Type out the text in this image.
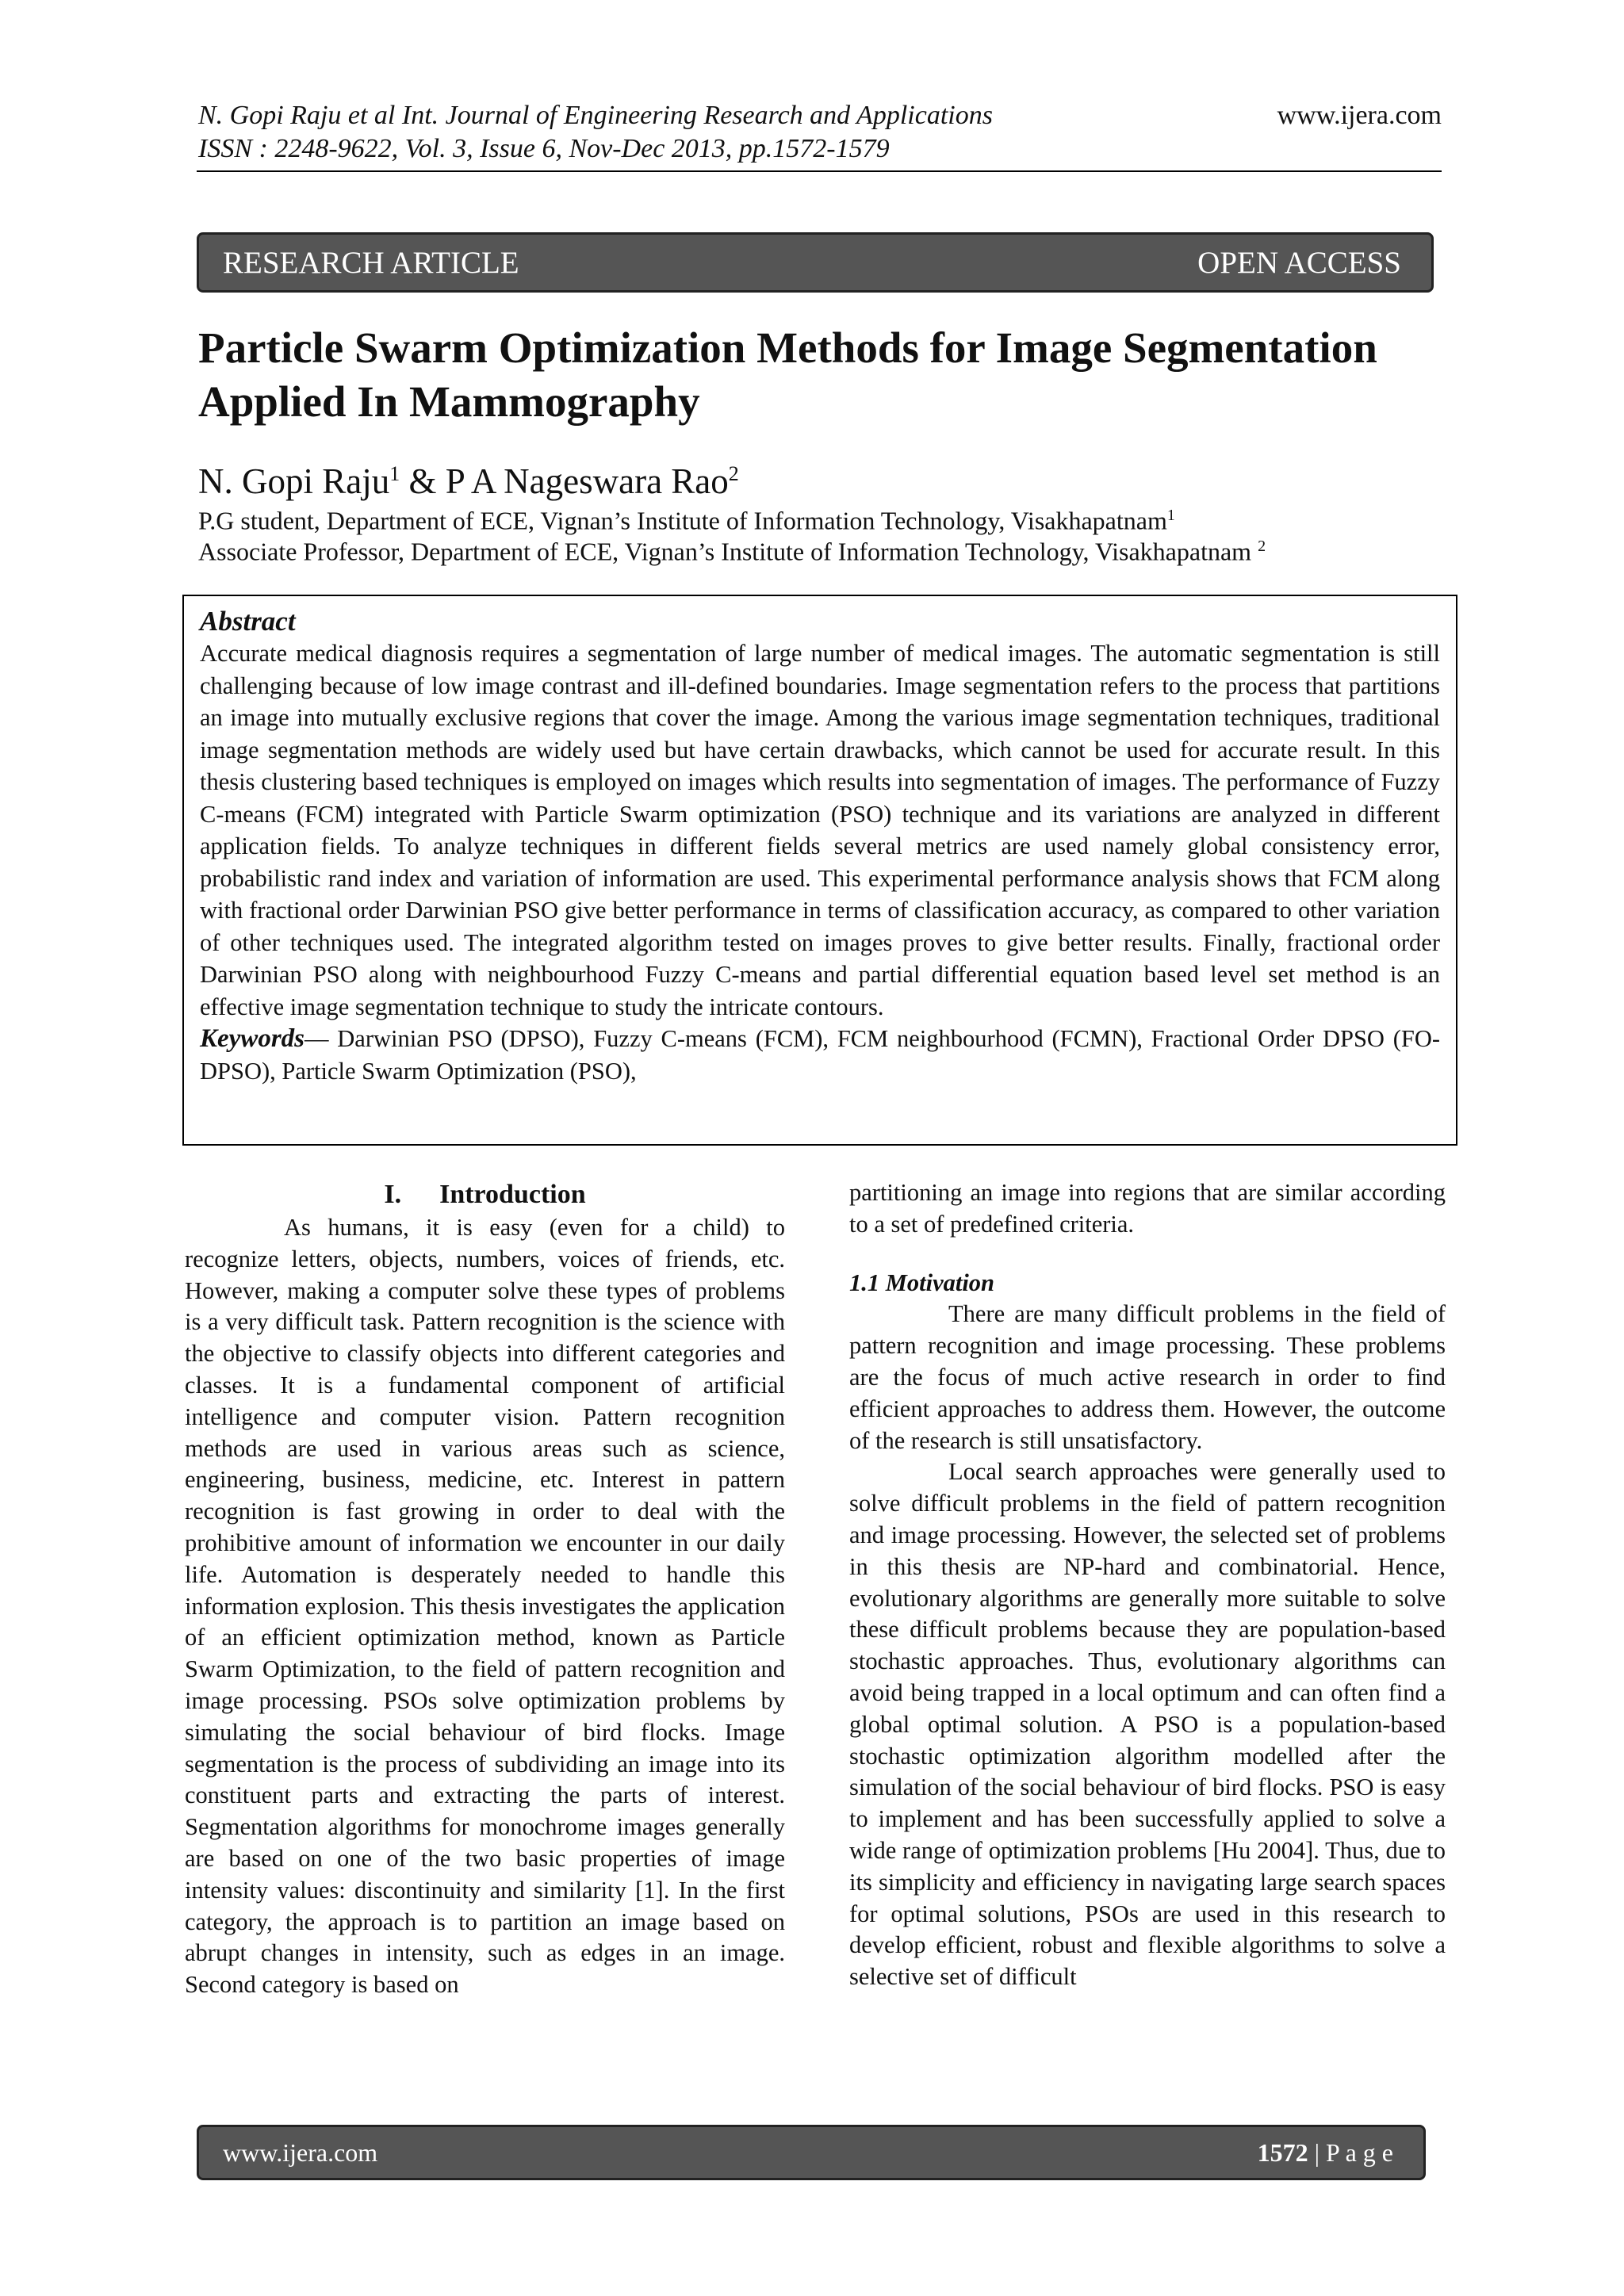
N. Gopi Raju et al Int. Journal of Engineering Research and Applications
ISSN : 2248-9622, Vol. 3, Issue 6, Nov-Dec 2013, pp.1572-1579
www.ijera.com
RESEARCH ARTICLE	OPEN ACCESS
Particle Swarm Optimization Methods for Image Segmentation Applied In Mammography
N. Gopi Raju$^1$ & P A Nageswara Rao$^2$
P.G student, Department of ECE, Vignan’s Institute of Information Technology, Visakhapatnam$^1$
Associate Professor, Department of ECE, Vignan’s Institute of Information Technology, Visakhapatnam $^2$

Abstract

Accurate medical diagnosis requires a segmentation of large number of medical images. The automatic segmentation is still challenging because of low image contrast and ill-defined boundaries. Image segmentation refers to the process that partitions an image into mutually exclusive regions that cover the image. Among the various image segmentation techniques, traditional image segmentation methods are widely used but have certain drawbacks, which cannot be used for accurate result. In this thesis clustering based techniques is employed on images which results into segmentation of images. The performance of Fuzzy C-means (FCM) integrated with Particle Swarm optimization (PSO) technique and its variations are analyzed in different application fields. To analyze techniques in different fields several metrics are used namely global consistency error, probabilistic rand index and variation of information are used. This experimental performance analysis shows that FCM along with fractional order Darwinian PSO give better performance in terms of classification accuracy, as compared to other variation of other techniques used. The integrated algorithm tested on images proves to give better results. Finally, fractional order Darwinian PSO along with neighbourhood Fuzzy C-means and partial differential equation based level set method is an effective image segmentation technique to study the intricate contours.

Keywords— Darwinian PSO (DPSO), Fuzzy C-means (FCM), FCM neighbourhood (FCMN), Fractional Order DPSO (FO-DPSO), Particle Swarm Optimization (PSO),

I. Introduction

As humans, it is easy (even for a child) to recognize letters, objects, numbers, voices of friends, etc. However, making a computer solve these types of problems is a very difficult task. Pattern recognition is the science with the objective to classify objects into different categories and classes. It is a fundamental component of artificial intelligence and computer vision. Pattern recognition methods are used in various areas such as science, engineering, business, medicine, etc. Interest in pattern recognition is fast growing in order to deal with the prohibitive amount of information we encounter in our daily life. Automation is desperately needed to handle this information explosion. This thesis investigates the application of an efficient optimization method, known as Particle Swarm Optimization, to the field of pattern recognition and image processing. PSOs solve optimization problems by simulating the social behaviour of bird flocks. Image segmentation is the process of subdividing an image into its constituent parts and extracting the parts of interest. Segmentation algorithms for monochrome images generally are based on one of the two basic properties of image intensity values: discontinuity and similarity [1]. In the first category, the approach is to partition an image based on abrupt changes in intensity, such as edges in an image. Second category is based on

partitioning an image into regions that are similar according to a set of predefined criteria.

1.1 Motivation

There are many difficult problems in the field of pattern recognition and image processing. These problems are the focus of much active research in order to find efficient approaches to address them. However, the outcome of the research is still unsatisfactory.

Local search approaches were generally used to solve difficult problems in the field of pattern recognition and image processing. However, the selected set of problems in this thesis are NP-hard and combinatorial. Hence, evolutionary algorithms are generally more suitable to solve these difficult problems because they are population-based stochastic approaches. Thus, evolutionary algorithms can avoid being trapped in a local optimum and can often find a global optimal solution. A PSO is a population-based stochastic optimization algorithm modelled after the simulation of the social behaviour of bird flocks. PSO is easy to implement and has been successfully applied to solve a wide range of optimization problems [Hu 2004]. Thus, due to its simplicity and efficiency in navigating large search spaces for optimal solutions, PSOs are used in this research to develop efficient, robust and flexible algorithms to solve a selective set of difficult

www.ijera.com	1572 | P a g e
